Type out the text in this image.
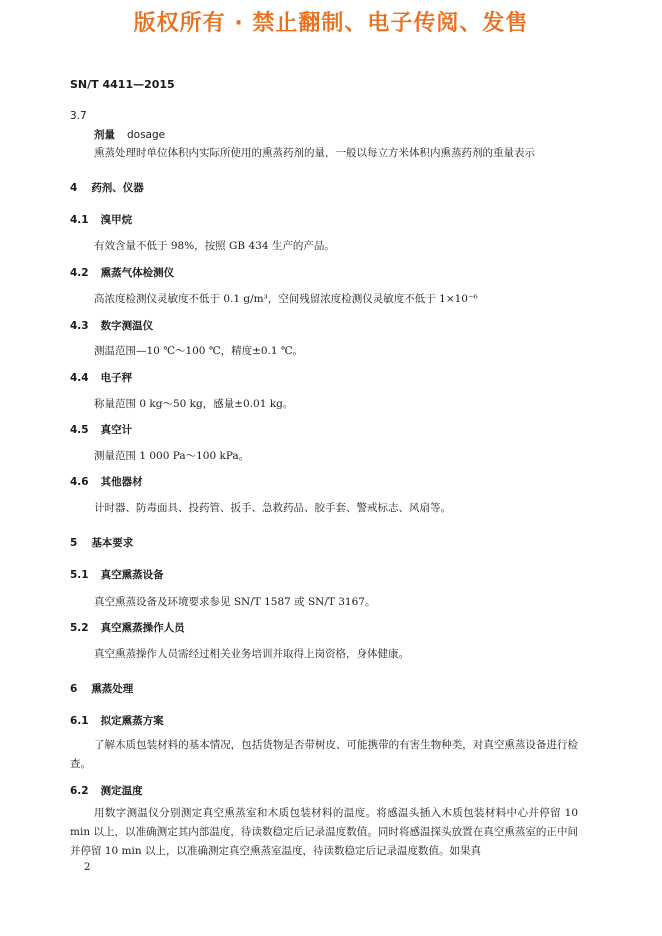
版权所有 · 禁止翻制、电子传阅、发售
SN/T 4411—2015
3.7
剂量 dosage
熏蒸处理时单位体积内实际所使用的熏蒸药剂的量，一般以每立方米体积内熏蒸药剂的重量表示
4 药剂、仪器
4.1 溴甲烷
有效含量不低于 98%，按照 GB 434 生产的产品。
4.2 熏蒸气体检测仪
高浓度检测仪灵敏度不低于 0.1 g/m³，空间残留浓度检测仪灵敏度不低于 1×10⁻⁶
4.3 数字测温仪
测温范围—10 ℃～100 ℃，精度±0.1 ℃。
4.4 电子秤
称量范围 0 kg～50 kg，感量±0.01 kg。
4.5 真空计
测量范围 1 000 Pa～100 kPa。
4.6 其他器材
计时器、防毒面具、投药管、扳手、急救药品、胶手套、警戒标志、风扇等。
5 基本要求
5.1 真空熏蒸设备
真空熏蒸设备及环境要求参见 SN/T 1587 或 SN/T 3167。
5.2 真空熏蒸操作人员
真空熏蒸操作人员需经过相关业务培训并取得上岗资格，身体健康。
6 熏蒸处理
6.1 拟定熏蒸方案
了解木质包装材料的基本情况，包括货物是否带树皮、可能携带的有害生物种类，对真空熏蒸设备进行检查。
6.2 测定温度
用数字测温仪分别测定真空熏蒸室和木质包装材料的温度。将感温头插入木质包装材料中心并停留 10 min 以上，以准确测定其内部温度，待读数稳定后记录温度数值。同时将感温探头放置在真空熏蒸室的正中间并停留 10 min 以上，以准确测定真空熏蒸室温度，待读数稳定后记录温度数值。如果真
2
